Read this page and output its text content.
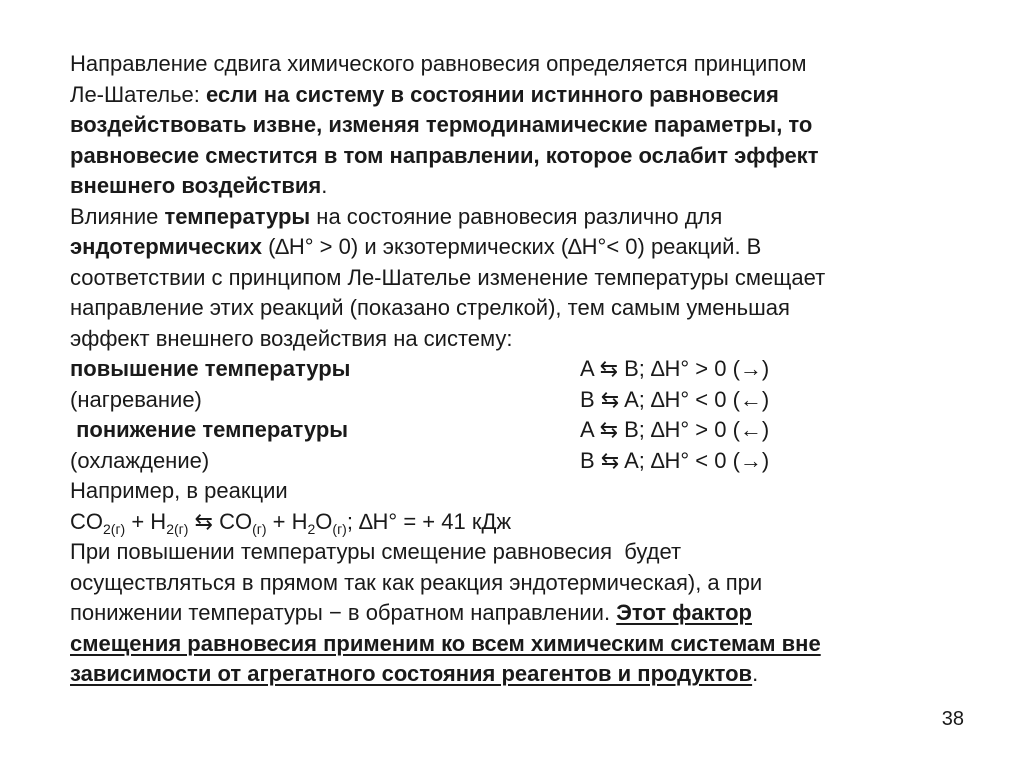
Направление сдвига химического равновесия определяется принципом
Ле-Шателье: если на систему в состоянии истинного равновесия
воздействовать извне, изменяя термодинамические параметры, то
равновесие сместится в том направлении, которое ослабит эффект
внешнего воздействия.
Влияние температуры на состояние равновесия различно для
эндотермических (∆H° > 0) и экзотермических (∆H°< 0) реакций. В
соответствии с принципом Ле-Шателье изменение температуры смещает
направление этих реакций (показано стрелкой), тем самым уменьшая
эффект внешнего воздействия на систему:
повышение температуры	A ⇆ B; ∆H° > 0 (→)
(нагревание)	B ⇆ A; ∆H° < 0 (←)
понижение температуры	A ⇆ B; ∆H° > 0 (←)
(охлаждение)	B ⇆ A; ∆H° < 0 (→)
Например, в реакции
$CO_{2(г)} + H_{2(г)}$ ⇆ $CO_{(г)} + H_2O_{(г)}$; ∆H° = + 41 кДж
При повышении температуры смещение равновесия  будет
осуществляться в прямом так как реакция эндотермическая), а при
понижении температуры − в обратном направлении. Этот фактор
смещения равновесия применим ко всем химическим системам вне
зависимости от агрегатного состояния реагентов и продуктов.
38
